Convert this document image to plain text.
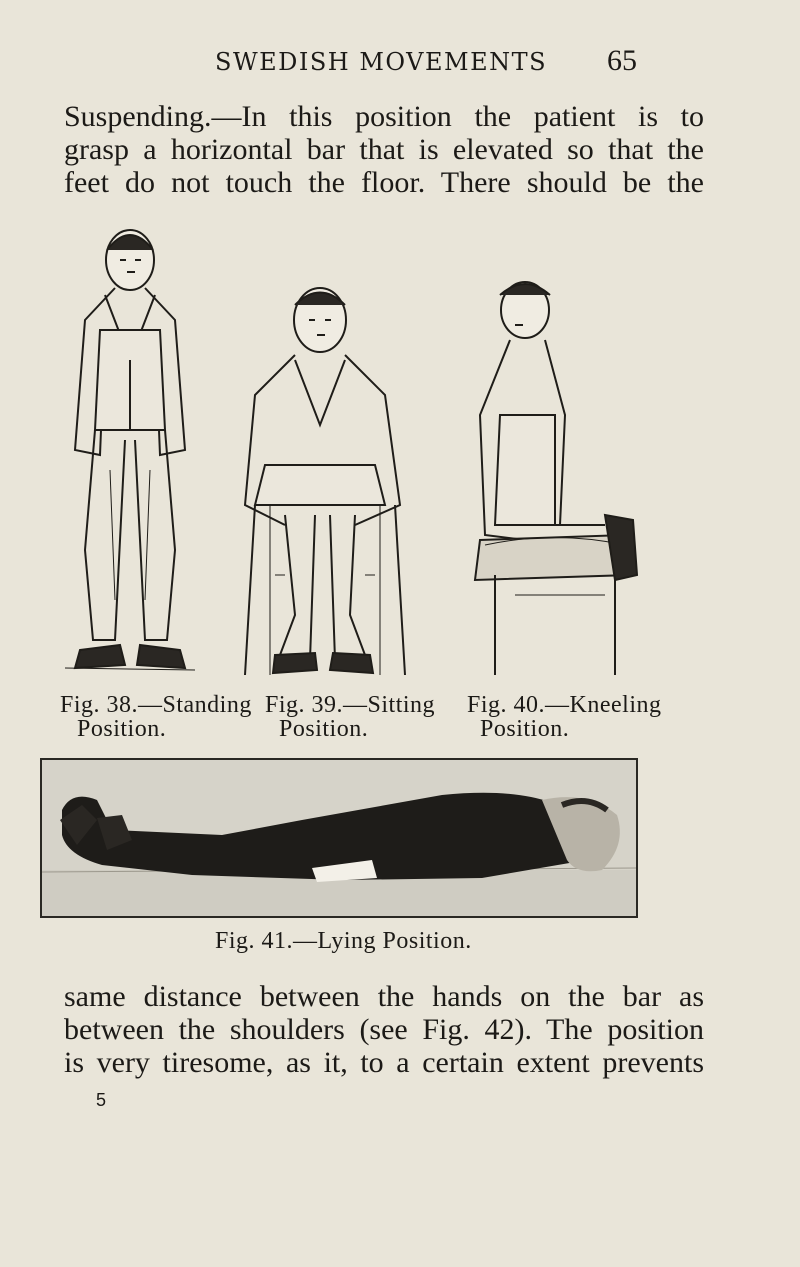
SWEDISH MOVEMENTS	65

Suspending.—In this position the patient is to
grasp a horizontal bar that is elevated so that the
feet do not touch the floor. There should be the

Fig. 38.—Standing
Position.
Fig. 39.—Sitting
Position.
Fig. 40.—Kneeling
Position.
Fig. 41.—Lying Position.

same distance between the hands on the bar as
between the shoulders (see Fig. 42). The position
is very tiresome, as it, to a certain extent prevents

5
